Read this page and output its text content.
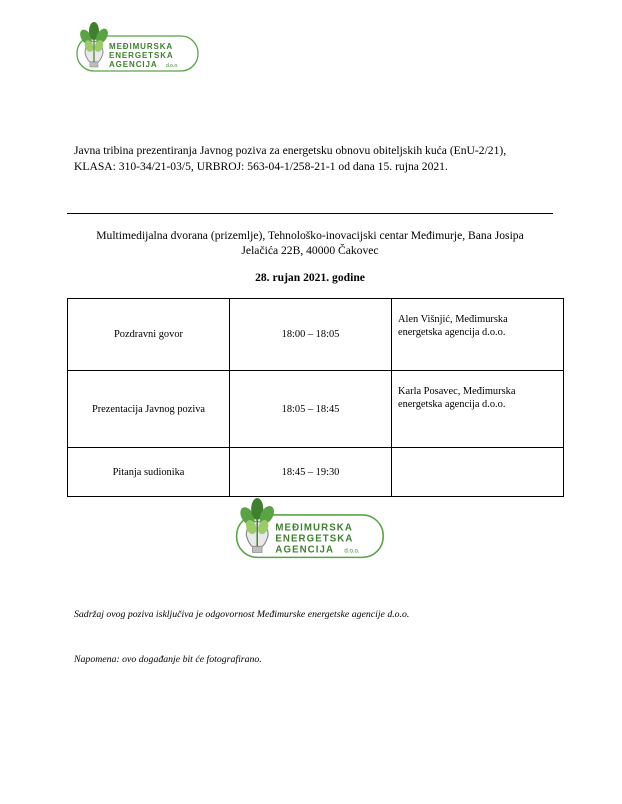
MEĐIMURSKA
ENERGETSKA
AGENCIJA d.o.o.
Javna tribina prezentiranja Javnog poziva za energetsku obnovu obiteljskih kuća (EnU-2/21),
KLASA: 310-34/21-03/5, URBROJ: 563-04-1/258-21-1 od dana 15. rujna 2021.
Multimedijalna dvorana (prizemlje), Tehnološko-inovacijski centar Međimurje, Bana Josipa
Jelačića 22B, 40000 Čakovec
28. rujan 2021. godine
Pozdravni govor	18:00 – 18:05	Alen Višnjić, Međimurska
energetska agencija d.o.o.

Prezentacija Javnog poziva	18:05 – 18:45	Karla Posavec, Međimurska
energetska agencija d.o.o.

Pitanja sudionika	18:45 – 19:30	
MEĐIMURSKA
ENERGETSKA
AGENCIJA d.o.o.
Sadržaj ovog poziva isključiva je odgovornost Međimurske energetske agencije d.o.o.
Napomena: ovo događanje bit će fotografirano.
